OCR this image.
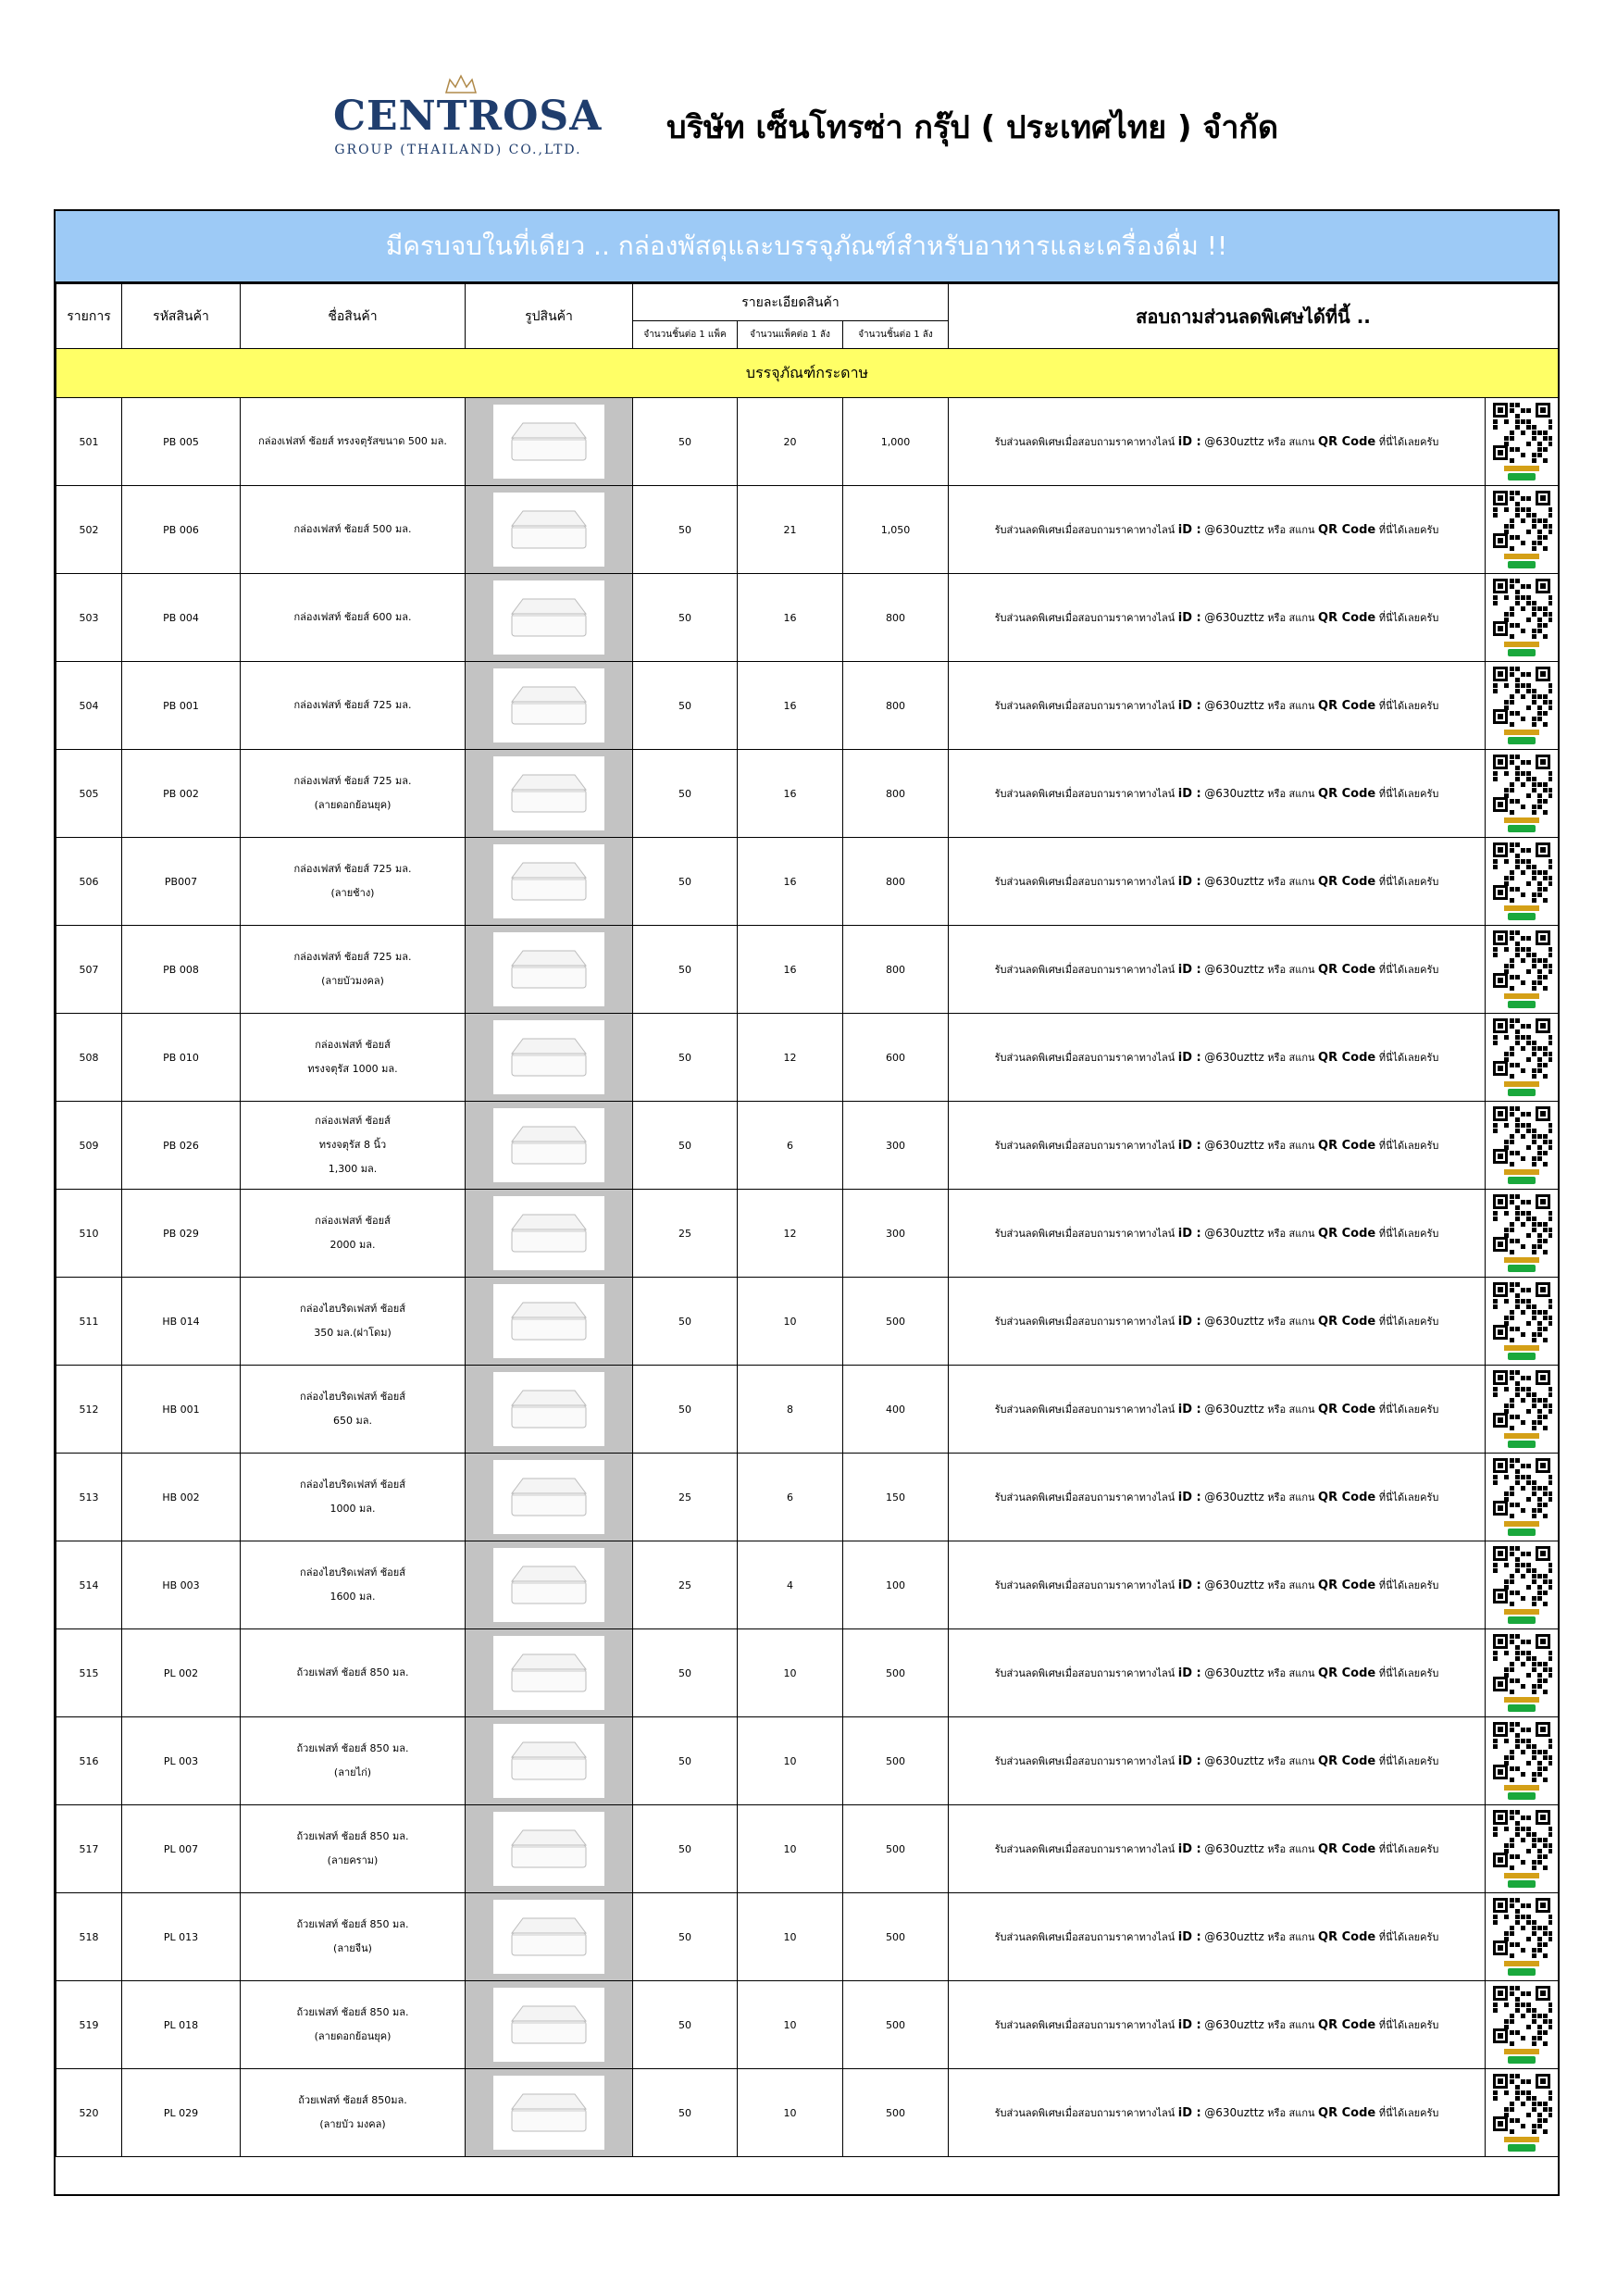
CENTROSA
GROUP (THAILAND) CO.,LTD.
บริษัท เซ็นโทรซ่า กรุ๊ป ( ประเทศไทย ) จำกัด
มีครบจบในที่เดียว .. กล่องพัสดุและบรรจุภัณฑ์สำหรับอาหารและเครื่องดื่ม !!
รายการ	รหัสสินค้า	ชื่อสินค้า	รูปสินค้า	รายละเอียดสินค้า			สอบถามส่วนลดพิเศษได้ที่นี้ ..	
				จำนวนชิ้นต่อ 1 แพ็ค	จำนวนแพ็คต่อ 1 ลัง	จำนวนชิ้นต่อ 1 ลัง		
บรรจุภัณฑ์กระดาษ								
501	PB 005	กล่องเฟสท์ ช้อยส์ ทรงจตุรัสขนาด 500 มล.		50	20	1,000	รับส่วนลดพิเศษเมื่อสอบถามราคาทางไลน์ iD : @630uzttz หรือ สแกน QR Code ที่นี่ได้เลยครับ	

502	PB 006	กล่องเฟสท์ ช้อยส์ 500 มล.		50	21	1,050	รับส่วนลดพิเศษเมื่อสอบถามราคาทางไลน์ iD : @630uzttz หรือ สแกน QR Code ที่นี่ได้เลยครับ	

503	PB 004	กล่องเฟสท์ ช้อยส์ 600 มล.		50	16	800	รับส่วนลดพิเศษเมื่อสอบถามราคาทางไลน์ iD : @630uzttz หรือ สแกน QR Code ที่นี่ได้เลยครับ	

504	PB 001	กล่องเฟสท์ ช้อยส์ 725 มล.		50	16	800	รับส่วนลดพิเศษเมื่อสอบถามราคาทางไลน์ iD : @630uzttz หรือ สแกน QR Code ที่นี่ได้เลยครับ	

505	PB 002	กล่องเฟสท์ ช้อยส์ 725 มล.
(ลายดอกย้อนยุค)		50	16	800	รับส่วนลดพิเศษเมื่อสอบถามราคาทางไลน์ iD : @630uzttz หรือ สแกน QR Code ที่นี่ได้เลยครับ	

506	PB007	กล่องเฟสท์ ช้อยส์ 725 มล.
(ลายช้าง)		50	16	800	รับส่วนลดพิเศษเมื่อสอบถามราคาทางไลน์ iD : @630uzttz หรือ สแกน QR Code ที่นี่ได้เลยครับ	

507	PB 008	กล่องเฟสท์ ช้อยส์ 725 มล.
(ลายบัวมงคล)		50	16	800	รับส่วนลดพิเศษเมื่อสอบถามราคาทางไลน์ iD : @630uzttz หรือ สแกน QR Code ที่นี่ได้เลยครับ	

508	PB 010	กล่องเฟสท์ ช้อยส์
ทรงจตุรัส 1000 มล.		50	12	600	รับส่วนลดพิเศษเมื่อสอบถามราคาทางไลน์ iD : @630uzttz หรือ สแกน QR Code ที่นี่ได้เลยครับ	

509	PB 026	กล่องเฟสท์ ช้อยส์
ทรงจตุรัส 8 นิ้ว
1,300 มล.		50	6	300	รับส่วนลดพิเศษเมื่อสอบถามราคาทางไลน์ iD : @630uzttz หรือ สแกน QR Code ที่นี่ได้เลยครับ	

510	PB 029	กล่องเฟสท์ ช้อยส์
2000 มล.		25	12	300	รับส่วนลดพิเศษเมื่อสอบถามราคาทางไลน์ iD : @630uzttz หรือ สแกน QR Code ที่นี่ได้เลยครับ	

511	HB 014	กล่องไฮบริดเฟสท์ ช้อยส์
350 มล.(ฝาโดม)		50	10	500	รับส่วนลดพิเศษเมื่อสอบถามราคาทางไลน์ iD : @630uzttz หรือ สแกน QR Code ที่นี่ได้เลยครับ	

512	HB 001	กล่องไฮบริดเฟสท์ ช้อยส์
650 มล.		50	8	400	รับส่วนลดพิเศษเมื่อสอบถามราคาทางไลน์ iD : @630uzttz หรือ สแกน QR Code ที่นี่ได้เลยครับ	

513	HB 002	กล่องไฮบริดเฟสท์ ช้อยส์
1000 มล.		25	6	150	รับส่วนลดพิเศษเมื่อสอบถามราคาทางไลน์ iD : @630uzttz หรือ สแกน QR Code ที่นี่ได้เลยครับ	

514	HB 003	กล่องไฮบริดเฟสท์ ช้อยส์
1600 มล.		25	4	100	รับส่วนลดพิเศษเมื่อสอบถามราคาทางไลน์ iD : @630uzttz หรือ สแกน QR Code ที่นี่ได้เลยครับ	

515	PL 002	ถ้วยเฟสท์ ช้อยส์ 850 มล.		50	10	500	รับส่วนลดพิเศษเมื่อสอบถามราคาทางไลน์ iD : @630uzttz หรือ สแกน QR Code ที่นี่ได้เลยครับ	

516	PL 003	ถ้วยเฟสท์ ช้อยส์ 850 มล.
(ลายไก่)		50	10	500	รับส่วนลดพิเศษเมื่อสอบถามราคาทางไลน์ iD : @630uzttz หรือ สแกน QR Code ที่นี่ได้เลยครับ	

517	PL 007	ถ้วยเฟสท์ ช้อยส์ 850 มล.
(ลายคราม)		50	10	500	รับส่วนลดพิเศษเมื่อสอบถามราคาทางไลน์ iD : @630uzttz หรือ สแกน QR Code ที่นี่ได้เลยครับ	

518	PL 013	ถ้วยเฟสท์ ช้อยส์ 850 มล.
(ลายจีน)		50	10	500	รับส่วนลดพิเศษเมื่อสอบถามราคาทางไลน์ iD : @630uzttz หรือ สแกน QR Code ที่นี่ได้เลยครับ	

519	PL 018	ถ้วยเฟสท์ ช้อยส์ 850 มล.
(ลายดอกย้อนยุค)		50	10	500	รับส่วนลดพิเศษเมื่อสอบถามราคาทางไลน์ iD : @630uzttz หรือ สแกน QR Code ที่นี่ได้เลยครับ	

520	PL 029	ถ้วยเฟสท์ ช้อยส์ 850มล.
(ลายบัว มงคล)		50	10	500	รับส่วนลดพิเศษเมื่อสอบถามราคาทางไลน์ iD : @630uzttz หรือ สแกน QR Code ที่นี่ได้เลยครับ	
